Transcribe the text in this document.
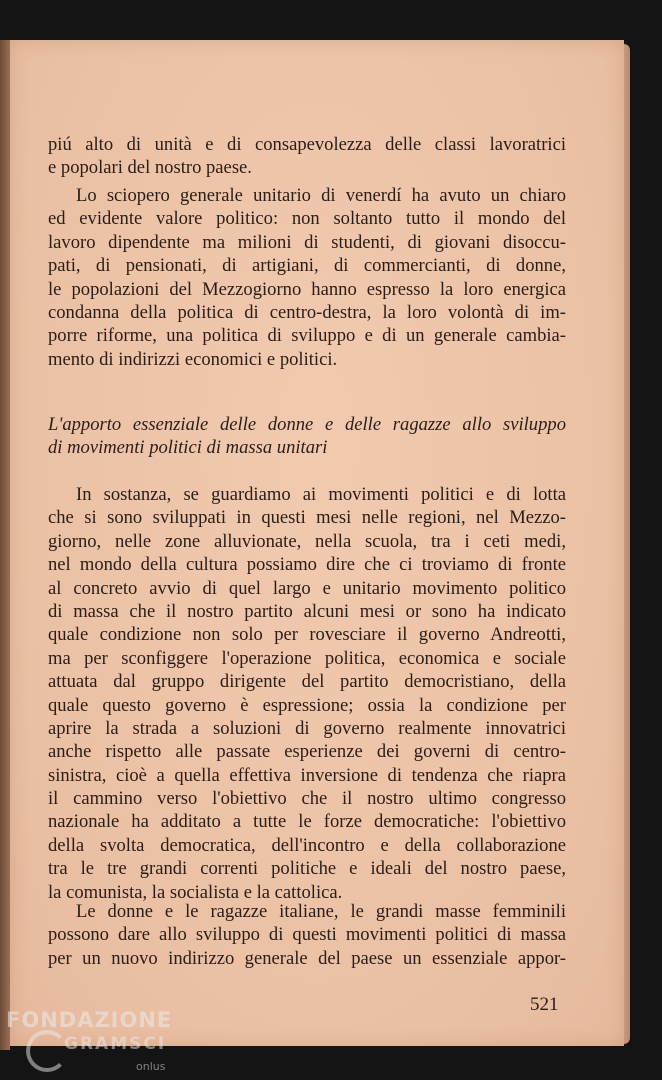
piú alto di unità e di consapevolezza delle classi lavoratrici
e popolari del nostro paese.
Lo sciopero generale unitario di venerdí ha avuto un chiaro
ed evidente valore politico: non soltanto tutto il mondo del
lavoro dipendente ma milioni di studenti, di giovani disoccu-
pati, di pensionati, di artigiani, di commercianti, di donne,
le popolazioni del Mezzogiorno hanno espresso la loro energica
condanna della politica di centro-destra, la loro volontà di im-
porre riforme, una politica di sviluppo e di un generale cambia-
mento di indirizzi economici e politici.
L'apporto essenziale delle donne e delle ragazze allo sviluppo
di movimenti politici di massa unitari
In sostanza, se guardiamo ai movimenti politici e di lotta
che si sono sviluppati in questi mesi nelle regioni, nel Mezzo-
giorno, nelle zone alluvionate, nella scuola, tra i ceti medi,
nel mondo della cultura possiamo dire che ci troviamo di fronte
al concreto avvio di quel largo e unitario movimento politico
di massa che il nostro partito alcuni mesi or sono ha indicato
quale condizione non solo per rovesciare il governo Andreotti,
ma per sconfiggere l'operazione politica, economica e sociale
attuata dal gruppo dirigente del partito democristiano, della
quale questo governo è espressione; ossia la condizione per
aprire la strada a soluzioni di governo realmente innovatrici
anche rispetto alle passate esperienze dei governi di centro-
sinistra, cioè a quella effettiva inversione di tendenza che riapra
il cammino verso l'obiettivo che il nostro ultimo congresso
nazionale ha additato a tutte le forze democratiche: l'obiettivo
della svolta democratica, dell'incontro e della collaborazione
tra le tre grandi correnti politiche e ideali del nostro paese,
la comunista, la socialista e la cattolica.
Le donne e le ragazze italiane, le grandi masse femminili
possono dare allo sviluppo di questi movimenti politici di massa
per un nuovo indirizzo generale del paese un essenziale appor-
521
FONDAZIONE
GRAMSCI
onlus
